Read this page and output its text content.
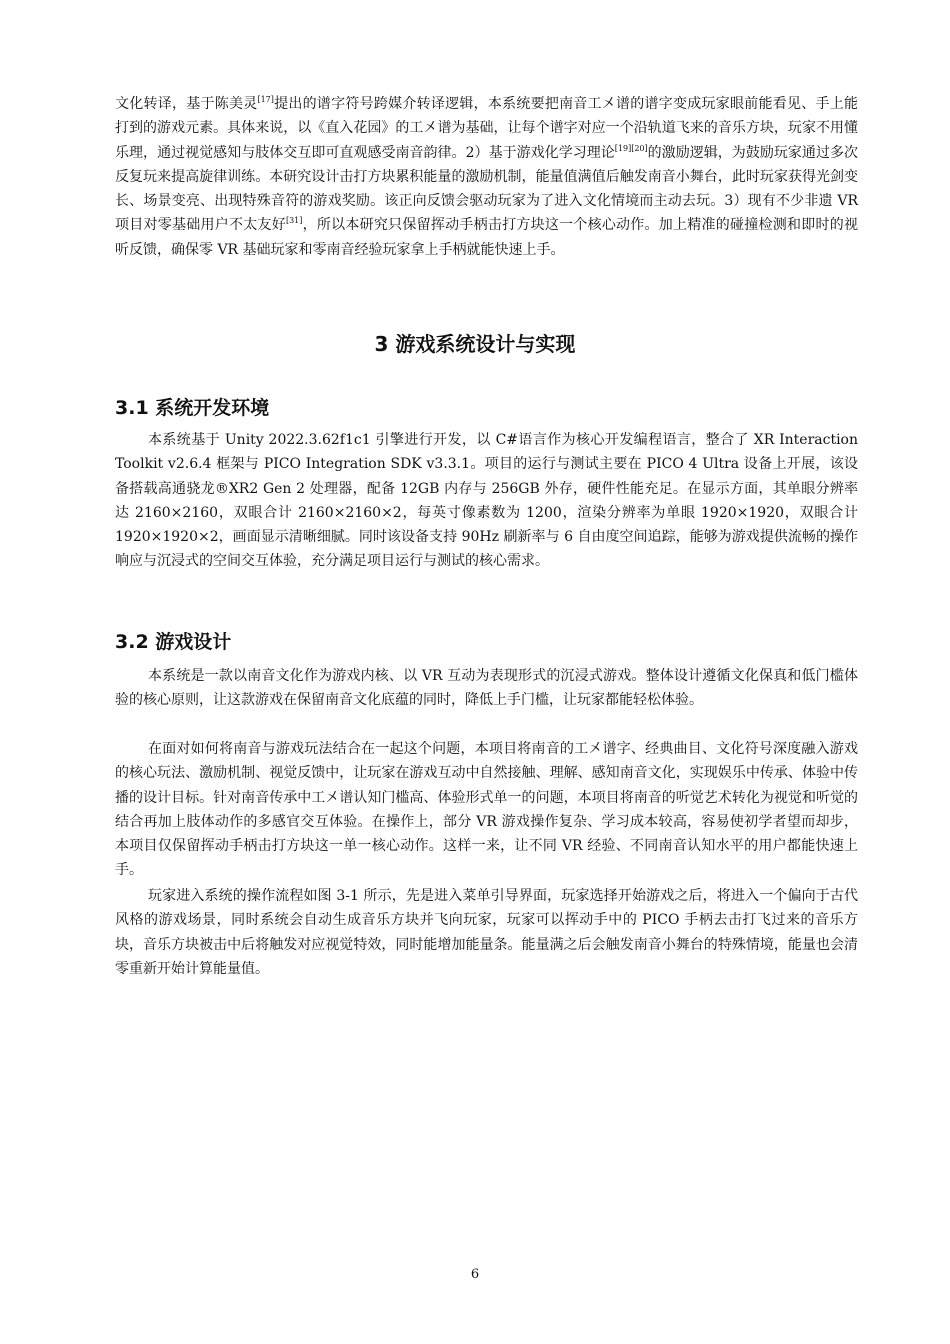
文化转译，基于陈美灵[17]提出的谱字符号跨媒介转译逻辑，本系统要把南音工㐅谱的谱字变成玩家眼前能看见、手上能打到的游戏元素。具体来说，以《直入花园》的工㐅谱为基础，让每个谱字对应一个沿轨道飞来的音乐方块，玩家不用懂乐理，通过视觉感知与肢体交互即可直观感受南音韵律。2）基于游戏化学习理论[19][20]的激励逻辑，为鼓励玩家通过多次反复玩来提高旋律训练。本研究设计击打方块累积能量的激励机制，能量值满值后触发南音小舞台，此时玩家获得光剑变长、场景变亮、出现特殊音符的游戏奖励。该正向反馈会驱动玩家为了进入文化情境而主动去玩。3）现有不少非遗 VR 项目对零基础用户不太友好[31]，所以本研究只保留挥动手柄击打方块这一个核心动作。加上精准的碰撞检测和即时的视听反馈，确保零 VR 基础玩家和零南音经验玩家拿上手柄就能快速上手。

3 游戏系统设计与实现
3.1 系统开发环境

本系统基于 Unity 2022.3.62f1c1 引擎进行开发，以 C#语言作为核心开发编程语言，整合了 XR Interaction Toolkit v2.6.4 框架与 PICO Integration SDK v3.3.1。项目的运行与测试主要在 PICO 4 Ultra 设备上开展，该设备搭载高通骁龙®XR2 Gen 2 处理器，配备 12GB 内存与 256GB 外存，硬件性能充足。在显示方面，其单眼分辨率达 2160×2160，双眼合计 2160×2160×2，每英寸像素数为 1200，渲染分辨率为单眼 1920×1920，双眼合计 1920×1920×2，画面显示清晰细腻。同时该设备支持 90Hz 刷新率与 6 自由度空间追踪，能够为游戏提供流畅的操作响应与沉浸式的空间交互体验，充分满足项目运行与测试的核心需求。

3.2 游戏设计

本系统是一款以南音文化作为游戏内核、以 VR 互动为表现形式的沉浸式游戏。整体设计遵循文化保真和低门槛体验的核心原则，让这款游戏在保留南音文化底蕴的同时，降低上手门槛，让玩家都能轻松体验。

在面对如何将南音与游戏玩法结合在一起这个问题，本项目将南音的工㐅谱字、经典曲目、文化符号深度融入游戏的核心玩法、激励机制、视觉反馈中，让玩家在游戏互动中自然接触、理解、感知南音文化，实现娱乐中传承、体验中传播的设计目标。针对南音传承中工㐅谱认知门槛高、体验形式单一的问题，本项目将南音的听觉艺术转化为视觉和听觉的结合再加上肢体动作的多感官交互体验。在操作上，部分 VR 游戏操作复杂、学习成本较高，容易使初学者望而却步，本项目仅保留挥动手柄击打方块这一单一核心动作。这样一来，让不同 VR 经验、不同南音认知水平的用户都能快速上手。

玩家进入系统的操作流程如图 3-1 所示，先是进入菜单引导界面，玩家选择开始游戏之后，将进入一个偏向于古代风格的游戏场景，同时系统会自动生成音乐方块并飞向玩家，玩家可以挥动手中的 PICO 手柄去击打飞过来的音乐方块，音乐方块被击中后将触发对应视觉特效，同时能增加能量条。能量满之后会触发南音小舞台的特殊情境，能量也会清零重新开始计算能量值。

6
